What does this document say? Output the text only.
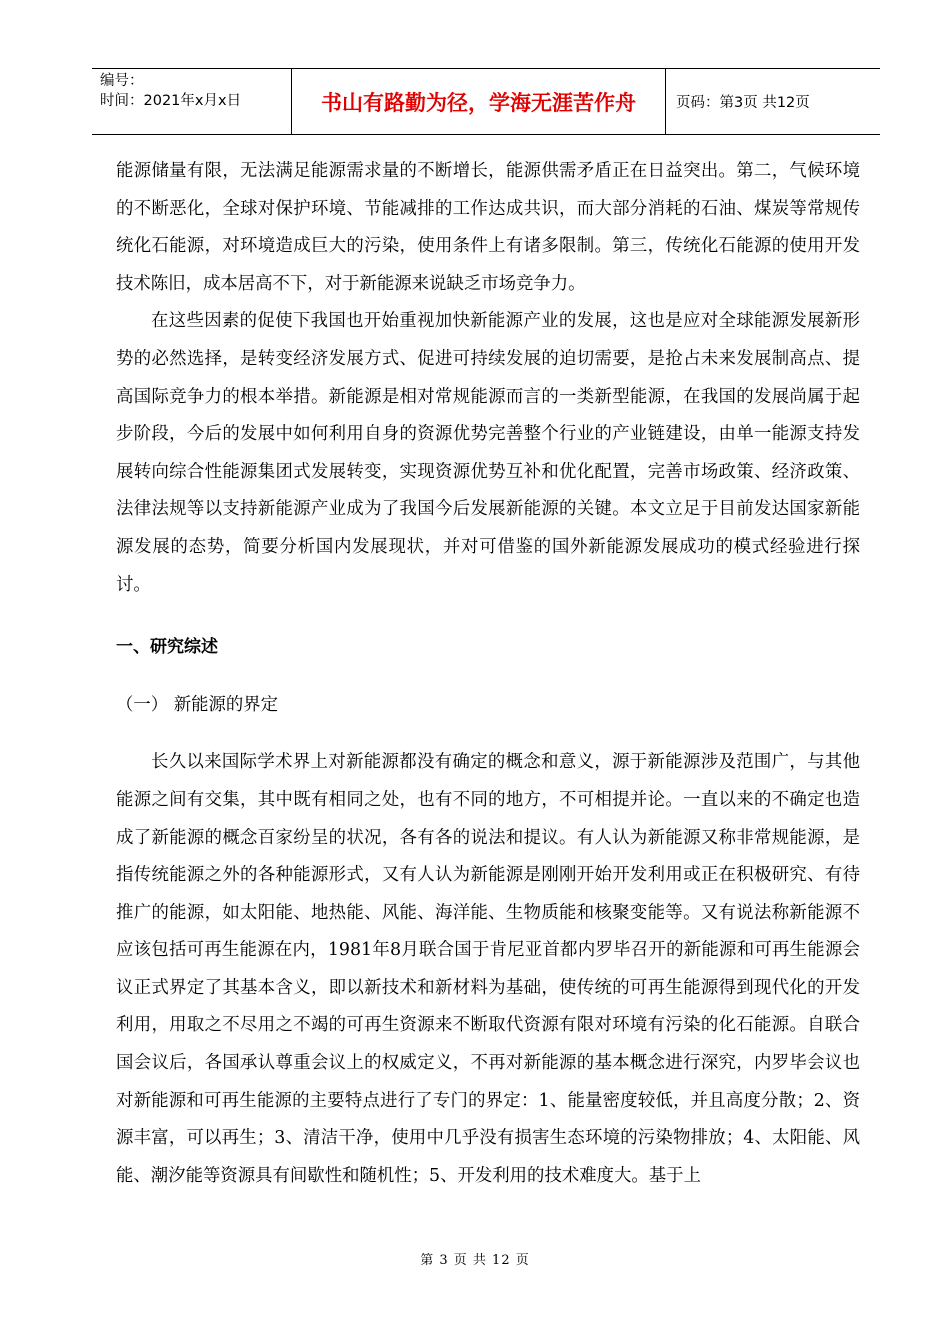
编号：
时间：2021年x月x日	书山有路勤为径，学海无涯苦作舟	页码：第3页 共12页

能源储量有限，无法满足能源需求量的不断增长，能源供需矛盾正在日益突出。第二，气候环境的不断恶化，全球对保护环境、节能减排的工作达成共识，而大部分消耗的石油、煤炭等常规传统化石能源，对环境造成巨大的污染，使用条件上有诸多限制。第三，传统化石能源的使用开发技术陈旧，成本居高不下，对于新能源来说缺乏市场竞争力。

在这些因素的促使下我国也开始重视加快新能源产业的发展，这也是应对全球能源发展新形势的必然选择，是转变经济发展方式、促进可持续发展的迫切需要，是抢占未来发展制高点、提高国际竞争力的根本举措。新能源是相对常规能源而言的一类新型能源，在我国的发展尚属于起步阶段，今后的发展中如何利用自身的资源优势完善整个行业的产业链建设，由单一能源支持发展转向综合性能源集团式发展转变，实现资源优势互补和优化配置，完善市场政策、经济政策、法律法规等以支持新能源产业成为了我国今后发展新能源的关键。本文立足于目前发达国家新能源发展的态势，简要分析国内发展现状，并对可借鉴的国外新能源发展成功的模式经验进行探讨。

一、研究综述

（一） 新能源的界定

长久以来国际学术界上对新能源都没有确定的概念和意义，源于新能源涉及范围广，与其他能源之间有交集，其中既有相同之处，也有不同的地方，不可相提并论。一直以来的不确定也造成了新能源的概念百家纷呈的状况，各有各的说法和提议。有人认为新能源又称非常规能源，是指传统能源之外的各种能源形式，又有人认为新能源是刚刚开始开发利用或正在积极研究、有待推广的能源，如太阳能、地热能、风能、海洋能、生物质能和核聚变能等。又有说法称新能源不应该包括可再生能源在内，1981年8月联合国于肯尼亚首都内罗毕召开的新能源和可再生能源会议正式界定了其基本含义，即以新技术和新材料为基础，使传统的可再生能源得到现代化的开发利用，用取之不尽用之不竭的可再生资源来不断取代资源有限对环境有污染的化石能源。自联合国会议后，各国承认尊重会议上的权威定义，不再对新能源的基本概念进行深究，内罗毕会议也对新能源和可再生能源的主要特点进行了专门的界定：1、能量密度较低，并且高度分散；2、资源丰富，可以再生；3、清洁干净，使用中几乎没有损害生态环境的污染物排放；4、太阳能、风能、潮汐能等资源具有间歇性和随机性；5、开发利用的技术难度大。基于上

第 3 页 共 12 页
